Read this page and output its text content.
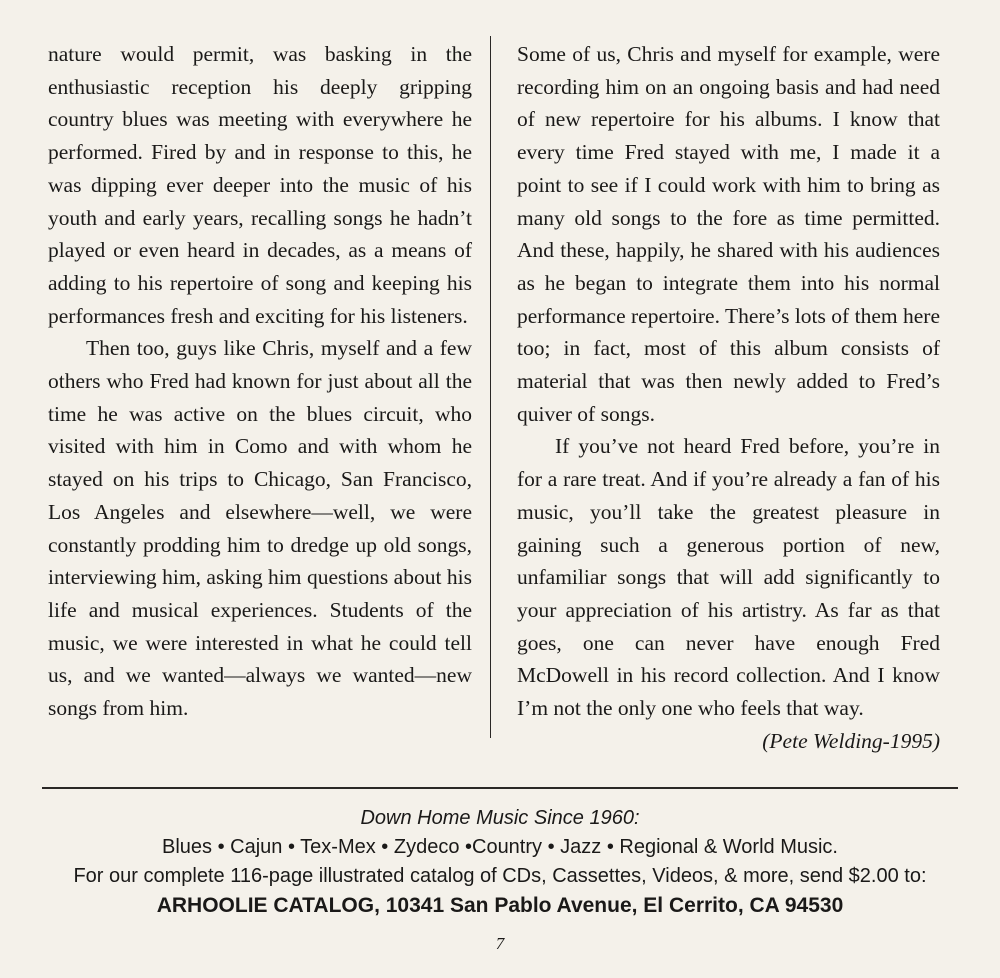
nature would permit, was basking in the enthusiastic reception his deeply gripping country blues was meeting with everywhere he performed. Fired by and in response to this, he was dipping ever deeper into the music of his youth and early years, recalling songs he hadn’t played or even heard in decades, as a means of adding to his repertoire of song and keeping his performances fresh and exciting for his listeners.

Then too, guys like Chris, myself and a few others who Fred had known for just about all the time he was active on the blues circuit, who visited with him in Como and with whom he stayed on his trips to Chicago, San Francisco, Los Angeles and elsewhere—well, we were constantly prodding him to dredge up old songs, interviewing him, asking him questions about his life and musical experiences. Students of the music, we were interested in what he could tell us, and we wanted—always we wanted—new songs from him.

Some of us, Chris and myself for example, were recording him on an ongoing basis and had need of new repertoire for his albums. I know that every time Fred stayed with me, I made it a point to see if I could work with him to bring as many old songs to the fore as time permitted. And these, happily, he shared with his audiences as he began to integrate them into his normal performance repertoire. There’s lots of them here too; in fact, most of this album consists of material that was then newly added to Fred’s quiver of songs.

If you’ve not heard Fred before, you’re in for a rare treat. And if you’re already a fan of his music, you’ll take the greatest pleasure in gaining such a generous portion of new, unfamiliar songs that will add significantly to your appreciation of his artistry. As far as that goes, one can never have enough Fred McDowell in his record collection. And I know I’m not the only one who feels that way.

(Pete Welding-1995)

Down Home Music Since 1960:
Blues • Cajun • Tex-Mex • Zydeco •Country • Jazz • Regional & World Music.
For our complete 116-page illustrated catalog of CDs, Cassettes, Videos, & more, send $2.00 to:
ARHOOLIE CATALOG, 10341 San Pablo Avenue, El Cerrito, CA 94530
7
